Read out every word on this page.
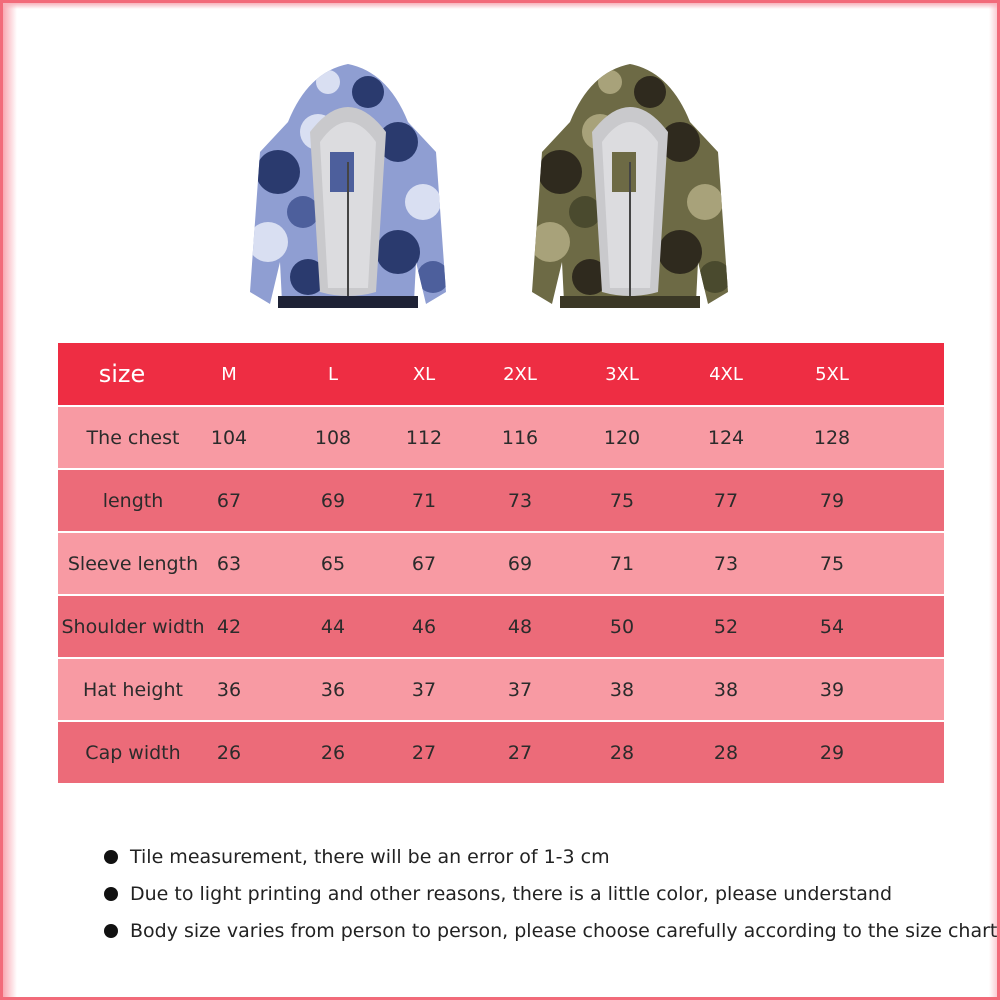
size	M	L	XL	2XL	3XL	4XL	5XL
The chest	104	108	112	116	120	124	128
length	67	69	71	73	75	77	79
Sleeve length 63	65	67	69	71	73	75
Shoulder width 42	44	46	48	50	52	54
Hat height	36	36	37	37	38	38	39
Cap width	26	26	27	27	28	28	29
Tile measurement, there will be an error of 1-3 cm
Due to light printing and other reasons, there is a little color, please understand
Body size varies from person to person, please choose carefully according to the size chart
